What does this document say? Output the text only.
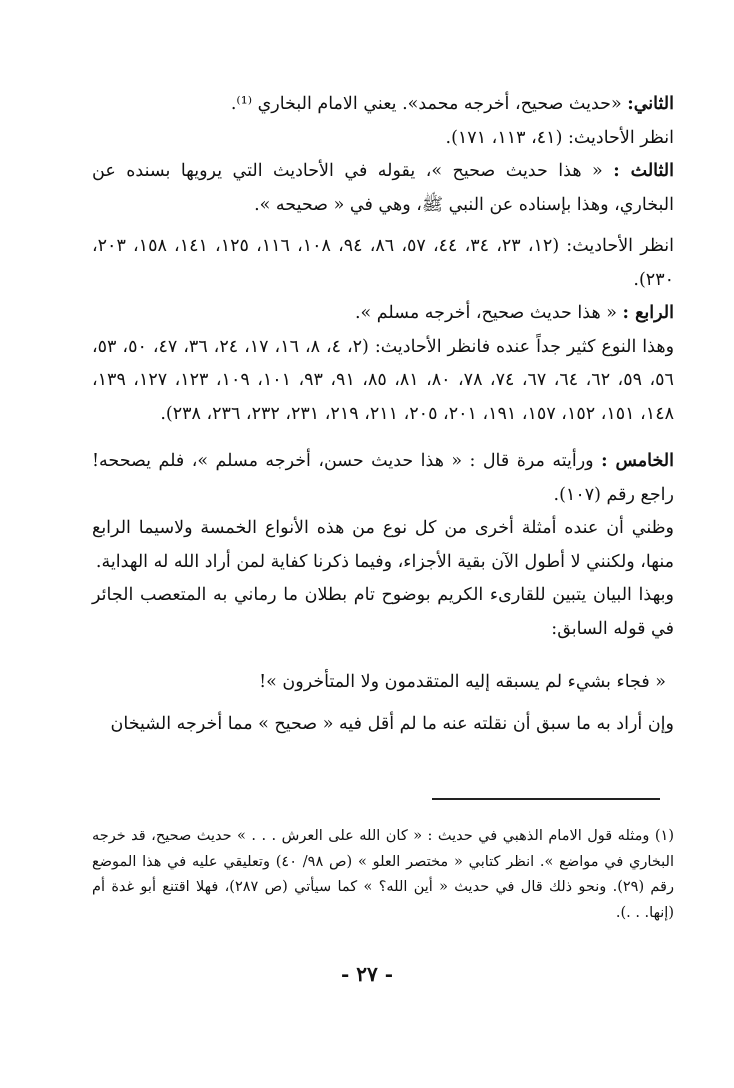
الثاني: «حديث صحيح، أخرجه محمد». يعني الامام البخاري ⁽¹⁾.

انظر الأحاديث: (٤١، ١١٣، ١٧١).

الثالث : « هذا حديث صحيح »، يقوله في الأحاديث التي يرويها بسنده عن البخاري، وهذا بإسناده عن النبي ﷺ، وهي في « صحيحه ».

انظر الأحاديث: (١٢، ٢٣، ٣٤، ٤٤، ٥٧، ٨٦، ٩٤، ١٠٨، ١١٦، ١٢٥، ١٤١، ١٥٨، ٢٠٣، ٢٣٠).

الرابع : « هذا حديث صحيح، أخرجه مسلم ».

وهذا النوع كثير جداً عنده فانظر الأحاديث: (٢، ٤، ٨، ١٦، ١٧، ٢٤، ٣٦، ٤٧، ٥٠، ٥٣، ٥٦، ٥٩، ٦٢، ٦٤، ٦٧، ٧٤، ٧٨، ٨٠، ٨١، ٨٥، ٩١، ٩٣، ١٠١، ١٠٩، ١٢٣، ١٢٧، ١٣٩، ١٤٨، ١٥١، ١٥٢، ١٥٧، ١٩١، ٢٠١، ٢٠٥، ٢١١، ٢١٩، ٢٣١، ٢٣٢، ٢٣٦، ٢٣٨).

الخامس : ورأيته مرة قال : « هذا حديث حسن، أخرجه مسلم »، فلم يصححه! راجع رقم (١٠٧).

وظني أن عنده أمثلة أخرى من كل نوع من هذه الأنواع الخمسة ولاسيما الرابع منها، ولكنني لا أطول الآن بقية الأجزاء، وفيما ذكرنا كفاية لمن أراد الله له الهداية.

وبهذا البيان يتبين للقارىء الكريم بوضوح تام بطلان ما رماني به المتعصب الجائر في قوله السابق:

« فجاء بشيء لم يسبقه إليه المتقدمون ولا المتأخرون »!

وإن أراد به ما سبق أن نقلته عنه ما لم أقل فيه « صحيح » مما أخرجه الشيخان

(١) ومثله قول الامام الذهبي في حديث : « كان الله على العرش . . . » حديث صحيح، قد خرجه البخاري في مواضع ». انظر كتابي « مختصر العلو » (ص ٩٨/ ٤٠) وتعليقي عليه في هذا الموضع رقم (٢٩). ونحو ذلك قال في حديث « أين الله؟ » كما سيأتي (ص ٢٨٧)، فهلا اقتنع أبو غدة أم (إنها. . .).

- ٢٧ -
